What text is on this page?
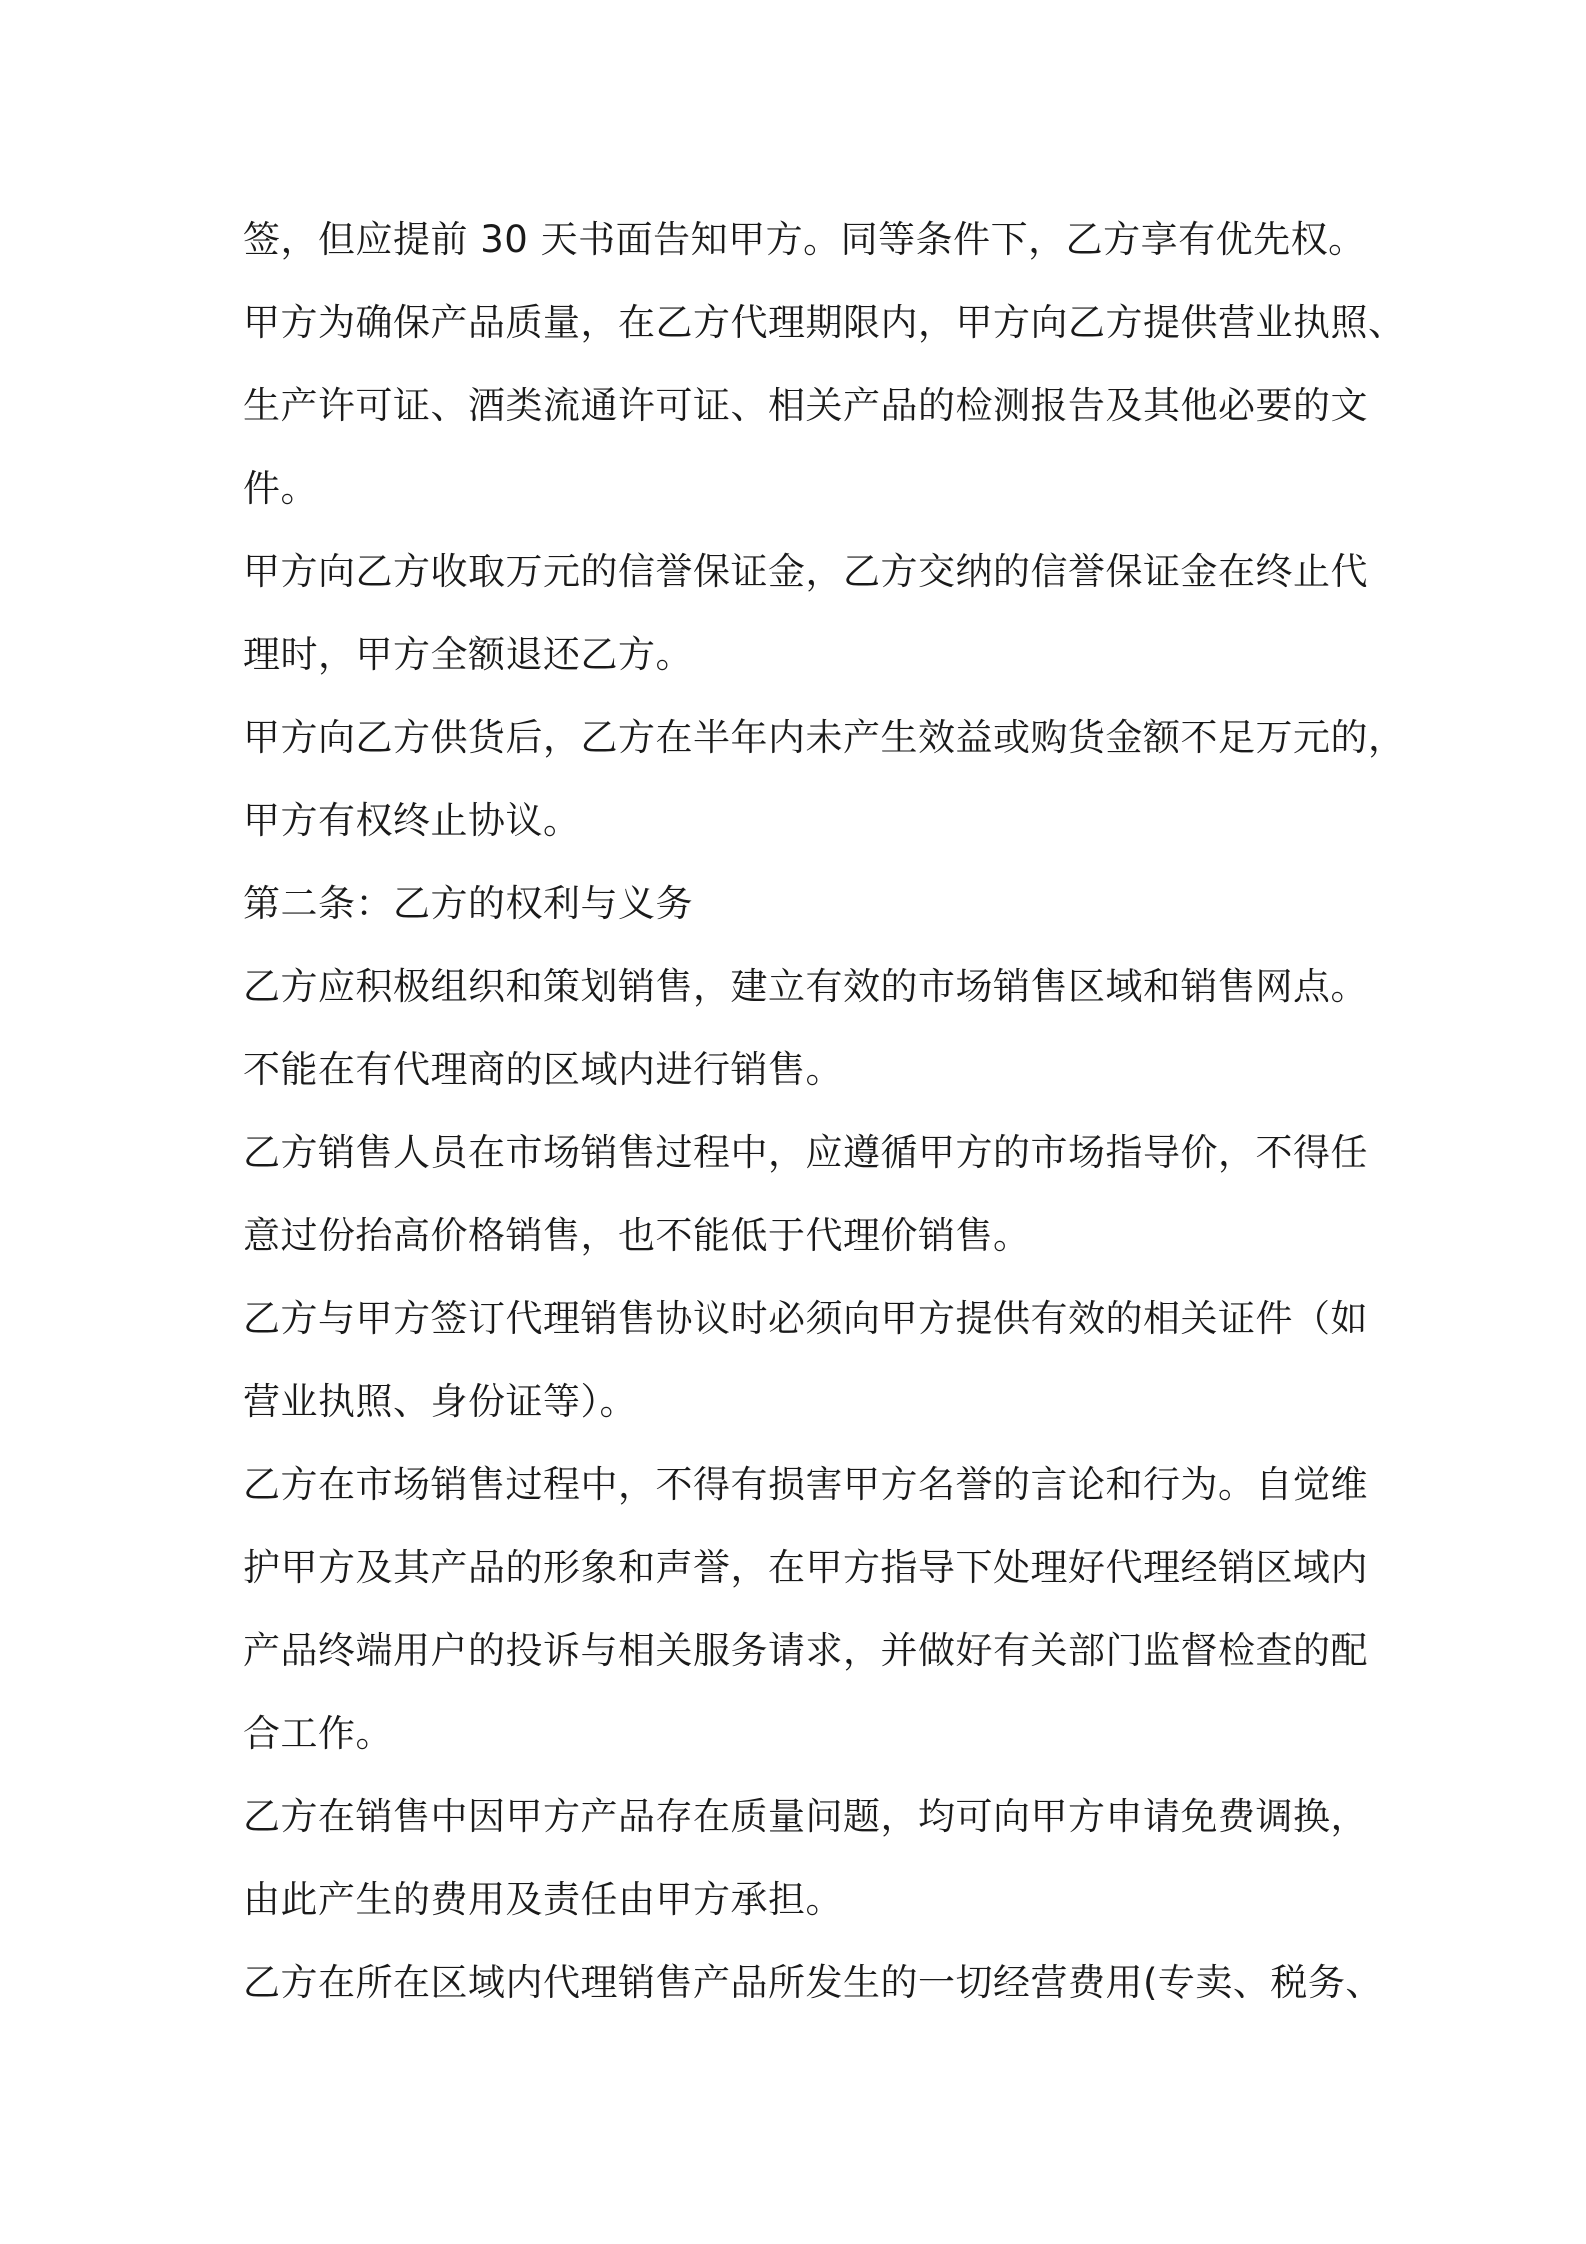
签，但应提前 30 天书面告知甲方。同等条件下，乙方享有优先权。
甲方为确保产品质量，在乙方代理期限内，甲方向乙方提供营业执照、
生产许可证、酒类流通许可证、相关产品的检测报告及其他必要的文
件。
甲方向乙方收取万元的信誉保证金，乙方交纳的信誉保证金在终止代
理时，甲方全额退还乙方。
甲方向乙方供货后，乙方在半年内未产生效益或购货金额不足万元的，
甲方有权终止协议。
第二条：乙方的权利与义务
乙方应积极组织和策划销售，建立有效的市场销售区域和销售网点。
不能在有代理商的区域内进行销售。
乙方销售人员在市场销售过程中，应遵循甲方的市场指导价，不得任
意过份抬高价格销售，也不能低于代理价销售。
乙方与甲方签订代理销售协议时必须向甲方提供有效的相关证件（如
营业执照、身份证等）。
乙方在市场销售过程中，不得有损害甲方名誉的言论和行为。自觉维
护甲方及其产品的形象和声誉，在甲方指导下处理好代理经销区域内
产品终端用户的投诉与相关服务请求，并做好有关部门监督检查的配
合工作。
乙方在销售中因甲方产品存在质量问题，均可向甲方申请免费调换，
由此产生的费用及责任由甲方承担。
乙方在所在区域内代理销售产品所发生的一切经营费用(专卖、税务、
